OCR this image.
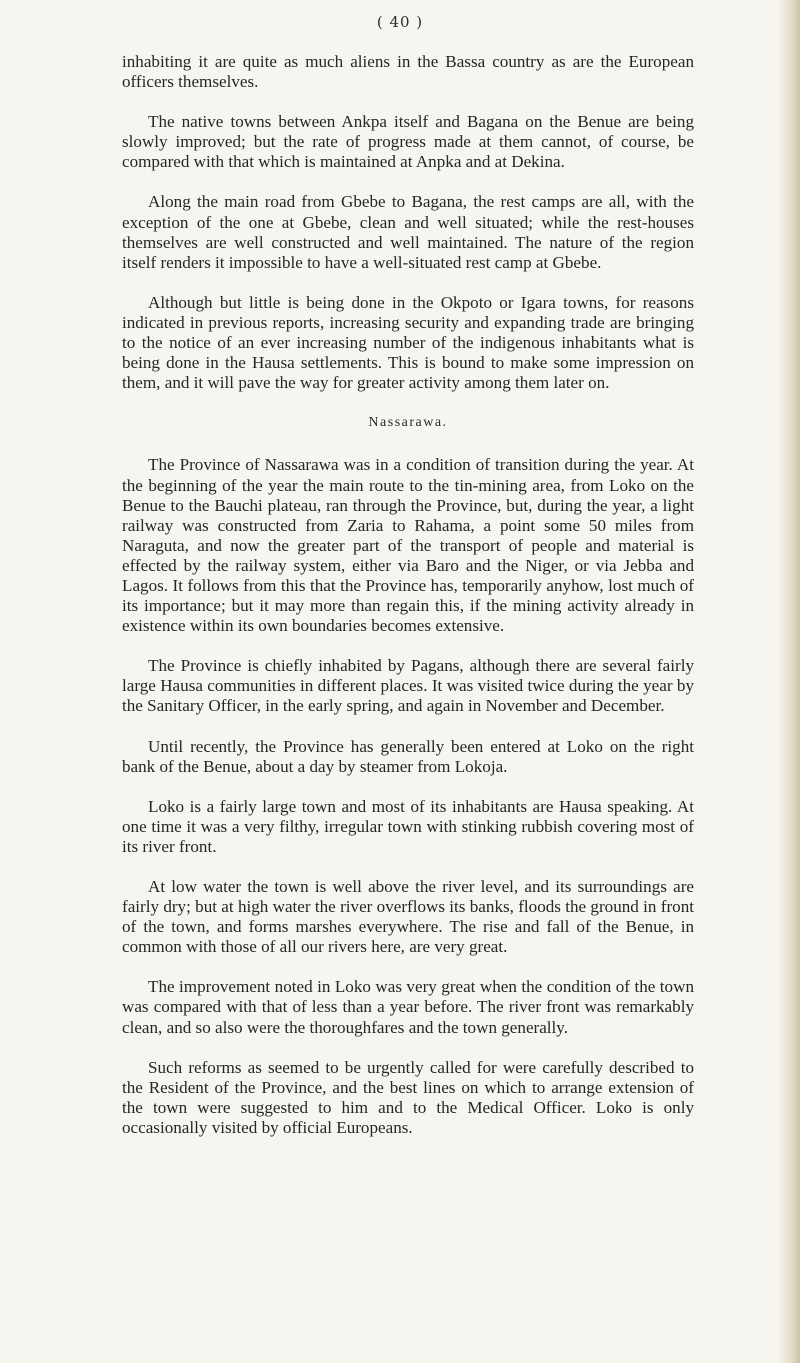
( 40 )

inhabiting it are quite as much aliens in the Bassa country as are the European officers themselves.

The native towns between Ankpa itself and Bagana on the Benue are being slowly improved; but the rate of progress made at them cannot, of course, be compared with that which is maintained at Anpka and at Dekina.

Along the main road from Gbebe to Bagana, the rest camps are all, with the exception of the one at Gbebe, clean and well situated; while the rest-houses themselves are well constructed and well maintained. The nature of the region itself renders it impossible to have a well-situated rest camp at Gbebe.

Although but little is being done in the Okpoto or Igara towns, for reasons indicated in previous reports, increasing security and expanding trade are bringing to the notice of an ever increasing number of the indigenous inhabitants what is being done in the Hausa settlements. This is bound to make some impression on them, and it will pave the way for greater activity among them later on.

Nassarawa.

The Province of Nassarawa was in a condition of transition during the year. At the beginning of the year the main route to the tin-mining area, from Loko on the Benue to the Bauchi plateau, ran through the Province, but, during the year, a light railway was constructed from Zaria to Rahama, a point some 50 miles from Naraguta, and now the greater part of the transport of people and material is effected by the railway system, either via Baro and the Niger, or via Jebba and Lagos. It follows from this that the Province has, temporarily anyhow, lost much of its importance; but it may more than regain this, if the mining activity already in existence within its own boundaries becomes extensive.

The Province is chiefly inhabited by Pagans, although there are several fairly large Hausa communities in different places. It was visited twice during the year by the Sanitary Officer, in the early spring, and again in November and December.

Until recently, the Province has generally been entered at Loko on the right bank of the Benue, about a day by steamer from Lokoja.

Loko is a fairly large town and most of its inhabitants are Hausa speaking. At one time it was a very filthy, irregular town with stinking rubbish covering most of its river front.

At low water the town is well above the river level, and its surroundings are fairly dry; but at high water the river overflows its banks, floods the ground in front of the town, and forms marshes everywhere. The rise and fall of the Benue, in common with those of all our rivers here, are very great.

The improvement noted in Loko was very great when the condition of the town was compared with that of less than a year before. The river front was remarkably clean, and so also were the thoroughfares and the town generally.

Such reforms as seemed to be urgently called for were carefully described to the Resident of the Province, and the best lines on which to arrange extension of the town were suggested to him and to the Medical Officer. Loko is only occasionally visited by official Europeans.
